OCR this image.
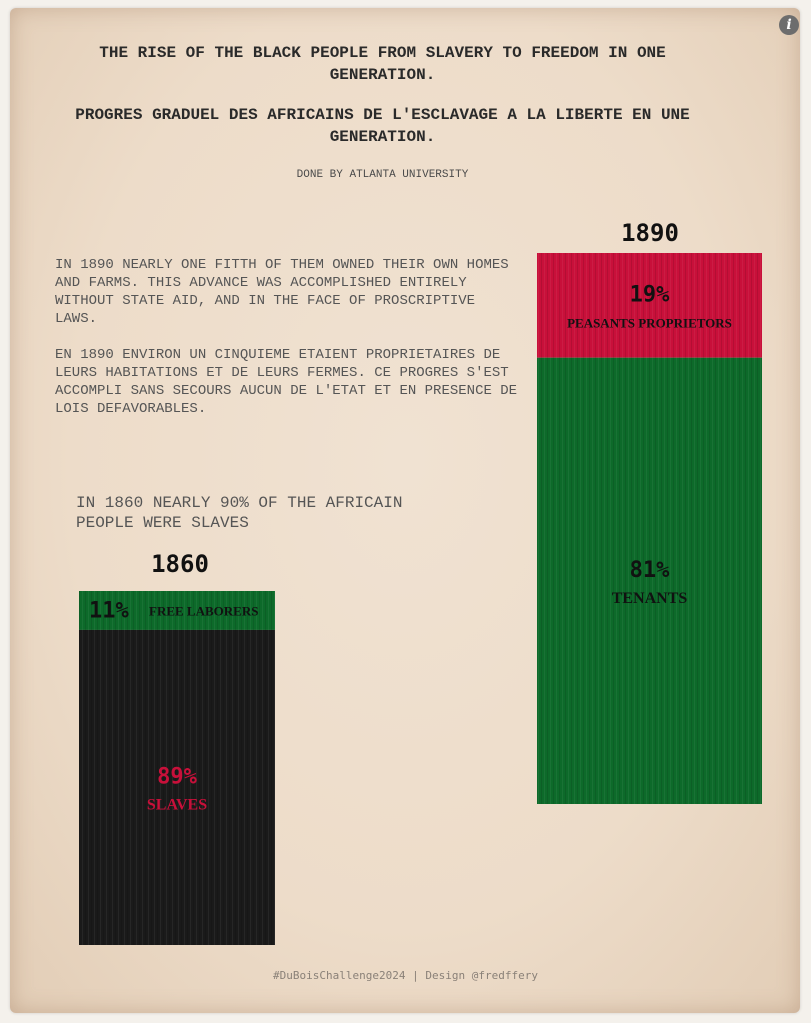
i

THE RISE OF THE BLACK PEOPLE FROM SLAVERY TO FREEDOM IN ONE GENERATION.

PROGRES GRADUEL DES AFRICAINS DE L'ESCLAVAGE A LA LIBERTE EN UNE GENERATION.

DONE BY ATLANTA UNIVERSITY

IN 1890 NEARLY ONE FITTH OF THEM OWNED THEIR OWN HOMES AND FARMS. THIS ADVANCE WAS ACCOMPLISHED ENTIRELY WITHOUT STATE AID, AND IN THE FACE OF PROSCRIPTIVE LAWS.

EN 1890 ENVIRON UN CINQUIEME ETAIENT PROPRIETAIRES DE LEURS HABITATIONS ET DE LEURS FERMES. CE PROGRES S'EST ACCOMPLI SANS SECOURS AUCUN DE L'ETAT ET EN PRESENCE DE LOIS DEFAVORABLES.

IN 1860 NEARLY 90% OF THE AFRICAIN PEOPLE WERE SLAVES

1890
1860
11% FREE LABORERS
89%
SLAVES
19%
PEASANTS PROPRIETORS
81%
TENANTS
#DuBoisChallenge2024 | Design @fredffery
